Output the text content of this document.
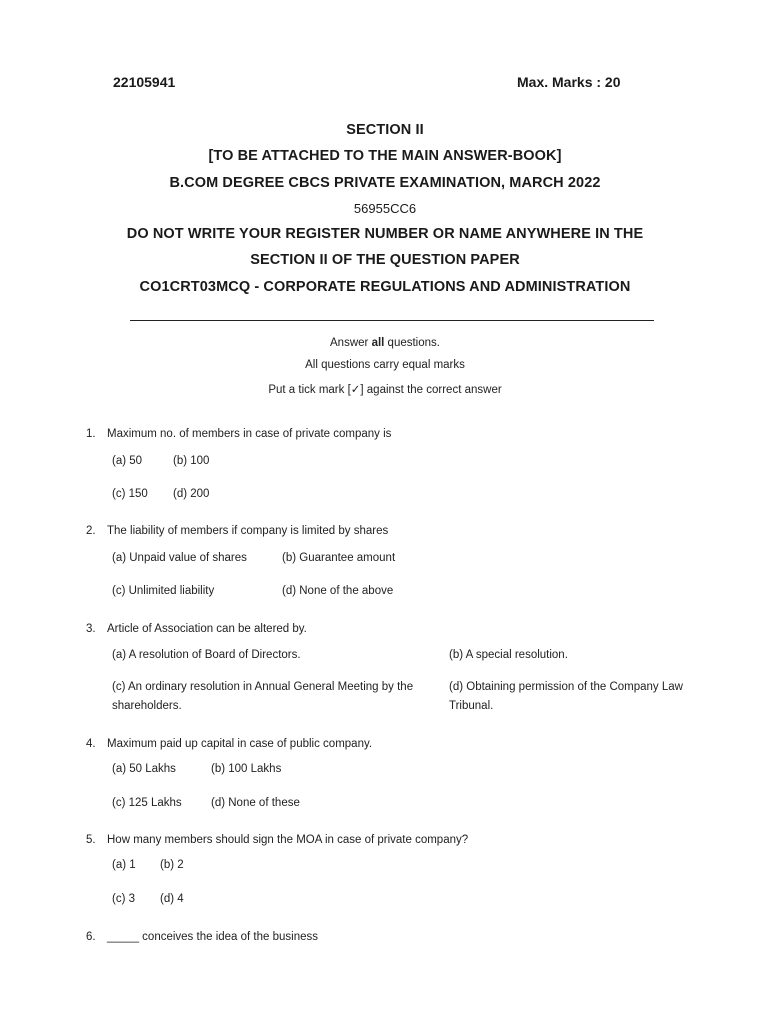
22105941	Max. Marks : 20
SECTION II
[TO BE ATTACHED TO THE MAIN ANSWER-BOOK]
B.COM DEGREE CBCS PRIVATE EXAMINATION, MARCH 2022
56955CC6
DO NOT WRITE YOUR REGISTER NUMBER OR NAME ANYWHERE IN THE
SECTION II OF THE QUESTION PAPER
CO1CRT03MCQ - CORPORATE REGULATIONS AND ADMINISTRATION
Answer all questions.
All questions carry equal marks
Put a tick mark [✓] against the correct answer
1. Maximum no. of members in case of private company is
(a) 50	(b) 100
(c) 150 (d) 200
2. The liability of members if company is limited by shares
(a) Unpaid value of shares	(b) Guarantee amount
(c) Unlimited liability	(d) None of the above
3. Article of Association can be altered by.
(a) A resolution of Board of Directors.	(b) A special resolution.
(c) An ordinary resolution in Annual General Meeting by the shareholders.
(d) Obtaining permission of the Company Law Tribunal.
4. Maximum paid up capital in case of public company.
(a) 50 Lakhs	(b) 100 Lakhs
(c) 125 Lakhs	(d) None of these
5. How many members should sign the MOA in case of private company?
(a) 1 (b) 2
(c) 3 (d) 4
6. _____ conceives the idea of the business
